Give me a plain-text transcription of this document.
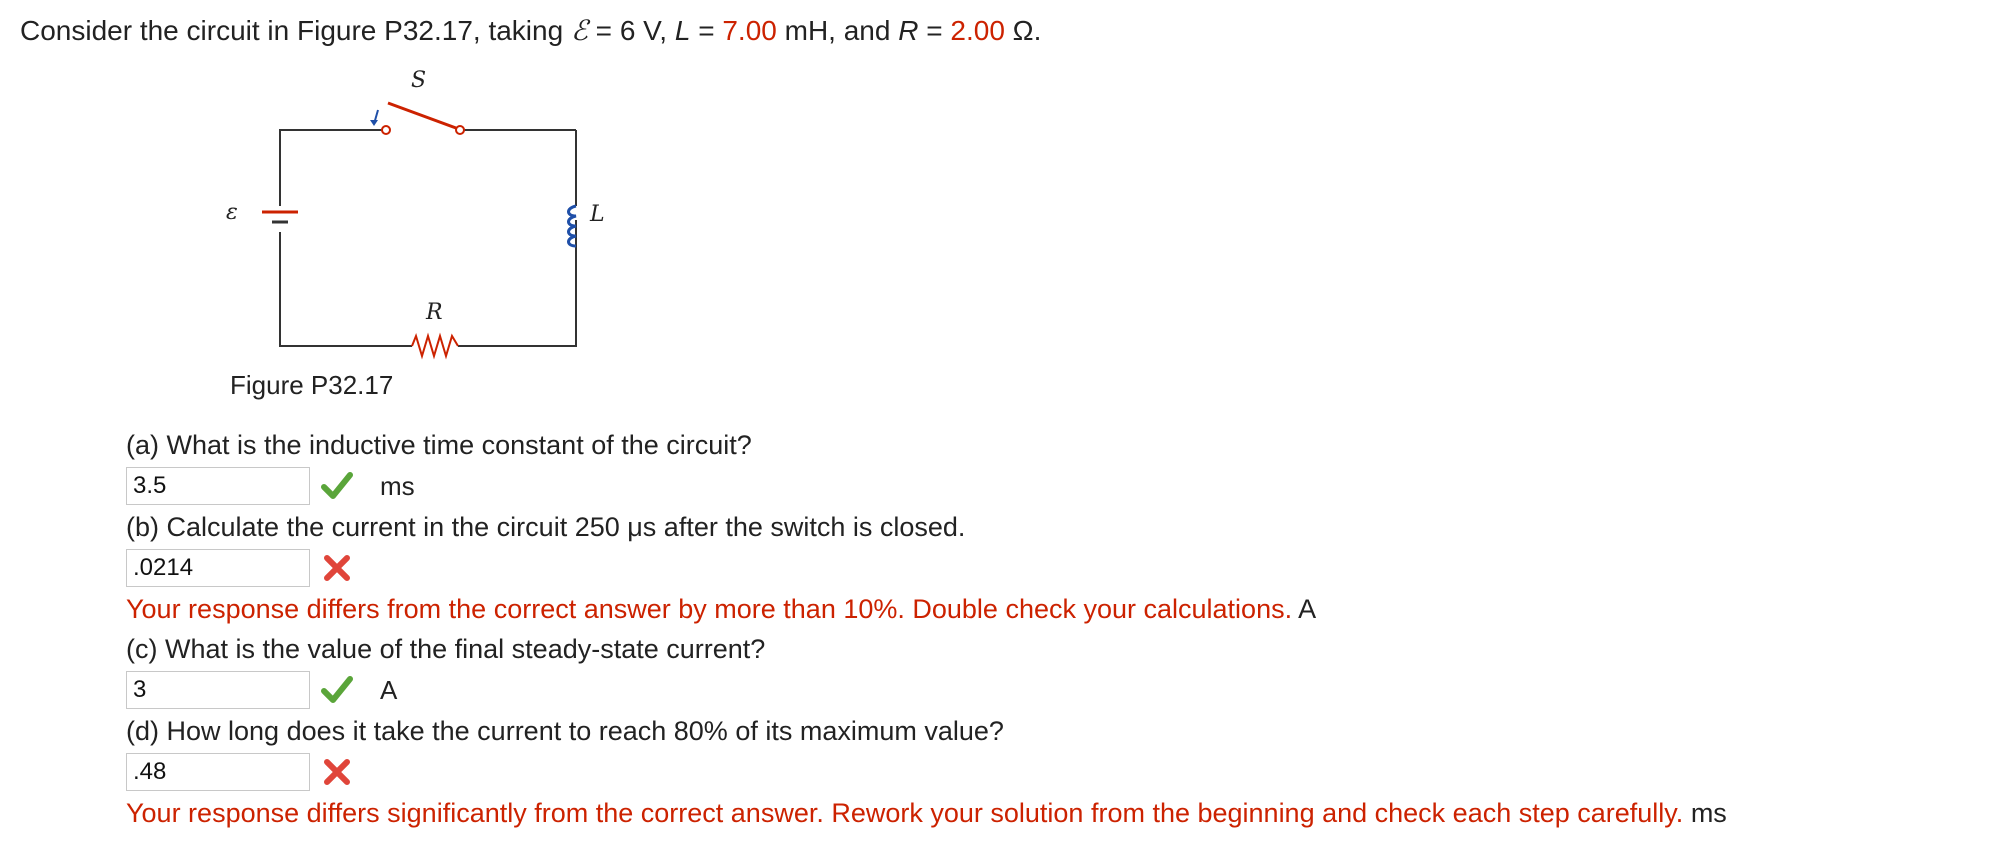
Consider the circuit in Figure P32.17, taking ℰ = 6 V, L = 7.00 mH, and R = 2.00 Ω.
S
ε	L
R
Figure P32.17
(a) What is the inductive time constant of the circuit?
3.5	ms
(b) Calculate the current in the circuit 250 μs after the switch is closed.
.0214
Your response differs from the correct answer by more than 10%. Double check your calculations. A
(c) What is the value of the final steady-state current?
3	A
(d) How long does it take the current to reach 80% of its maximum value?
.48
Your response differs significantly from the correct answer. Rework your solution from the beginning and check each step carefully. ms
